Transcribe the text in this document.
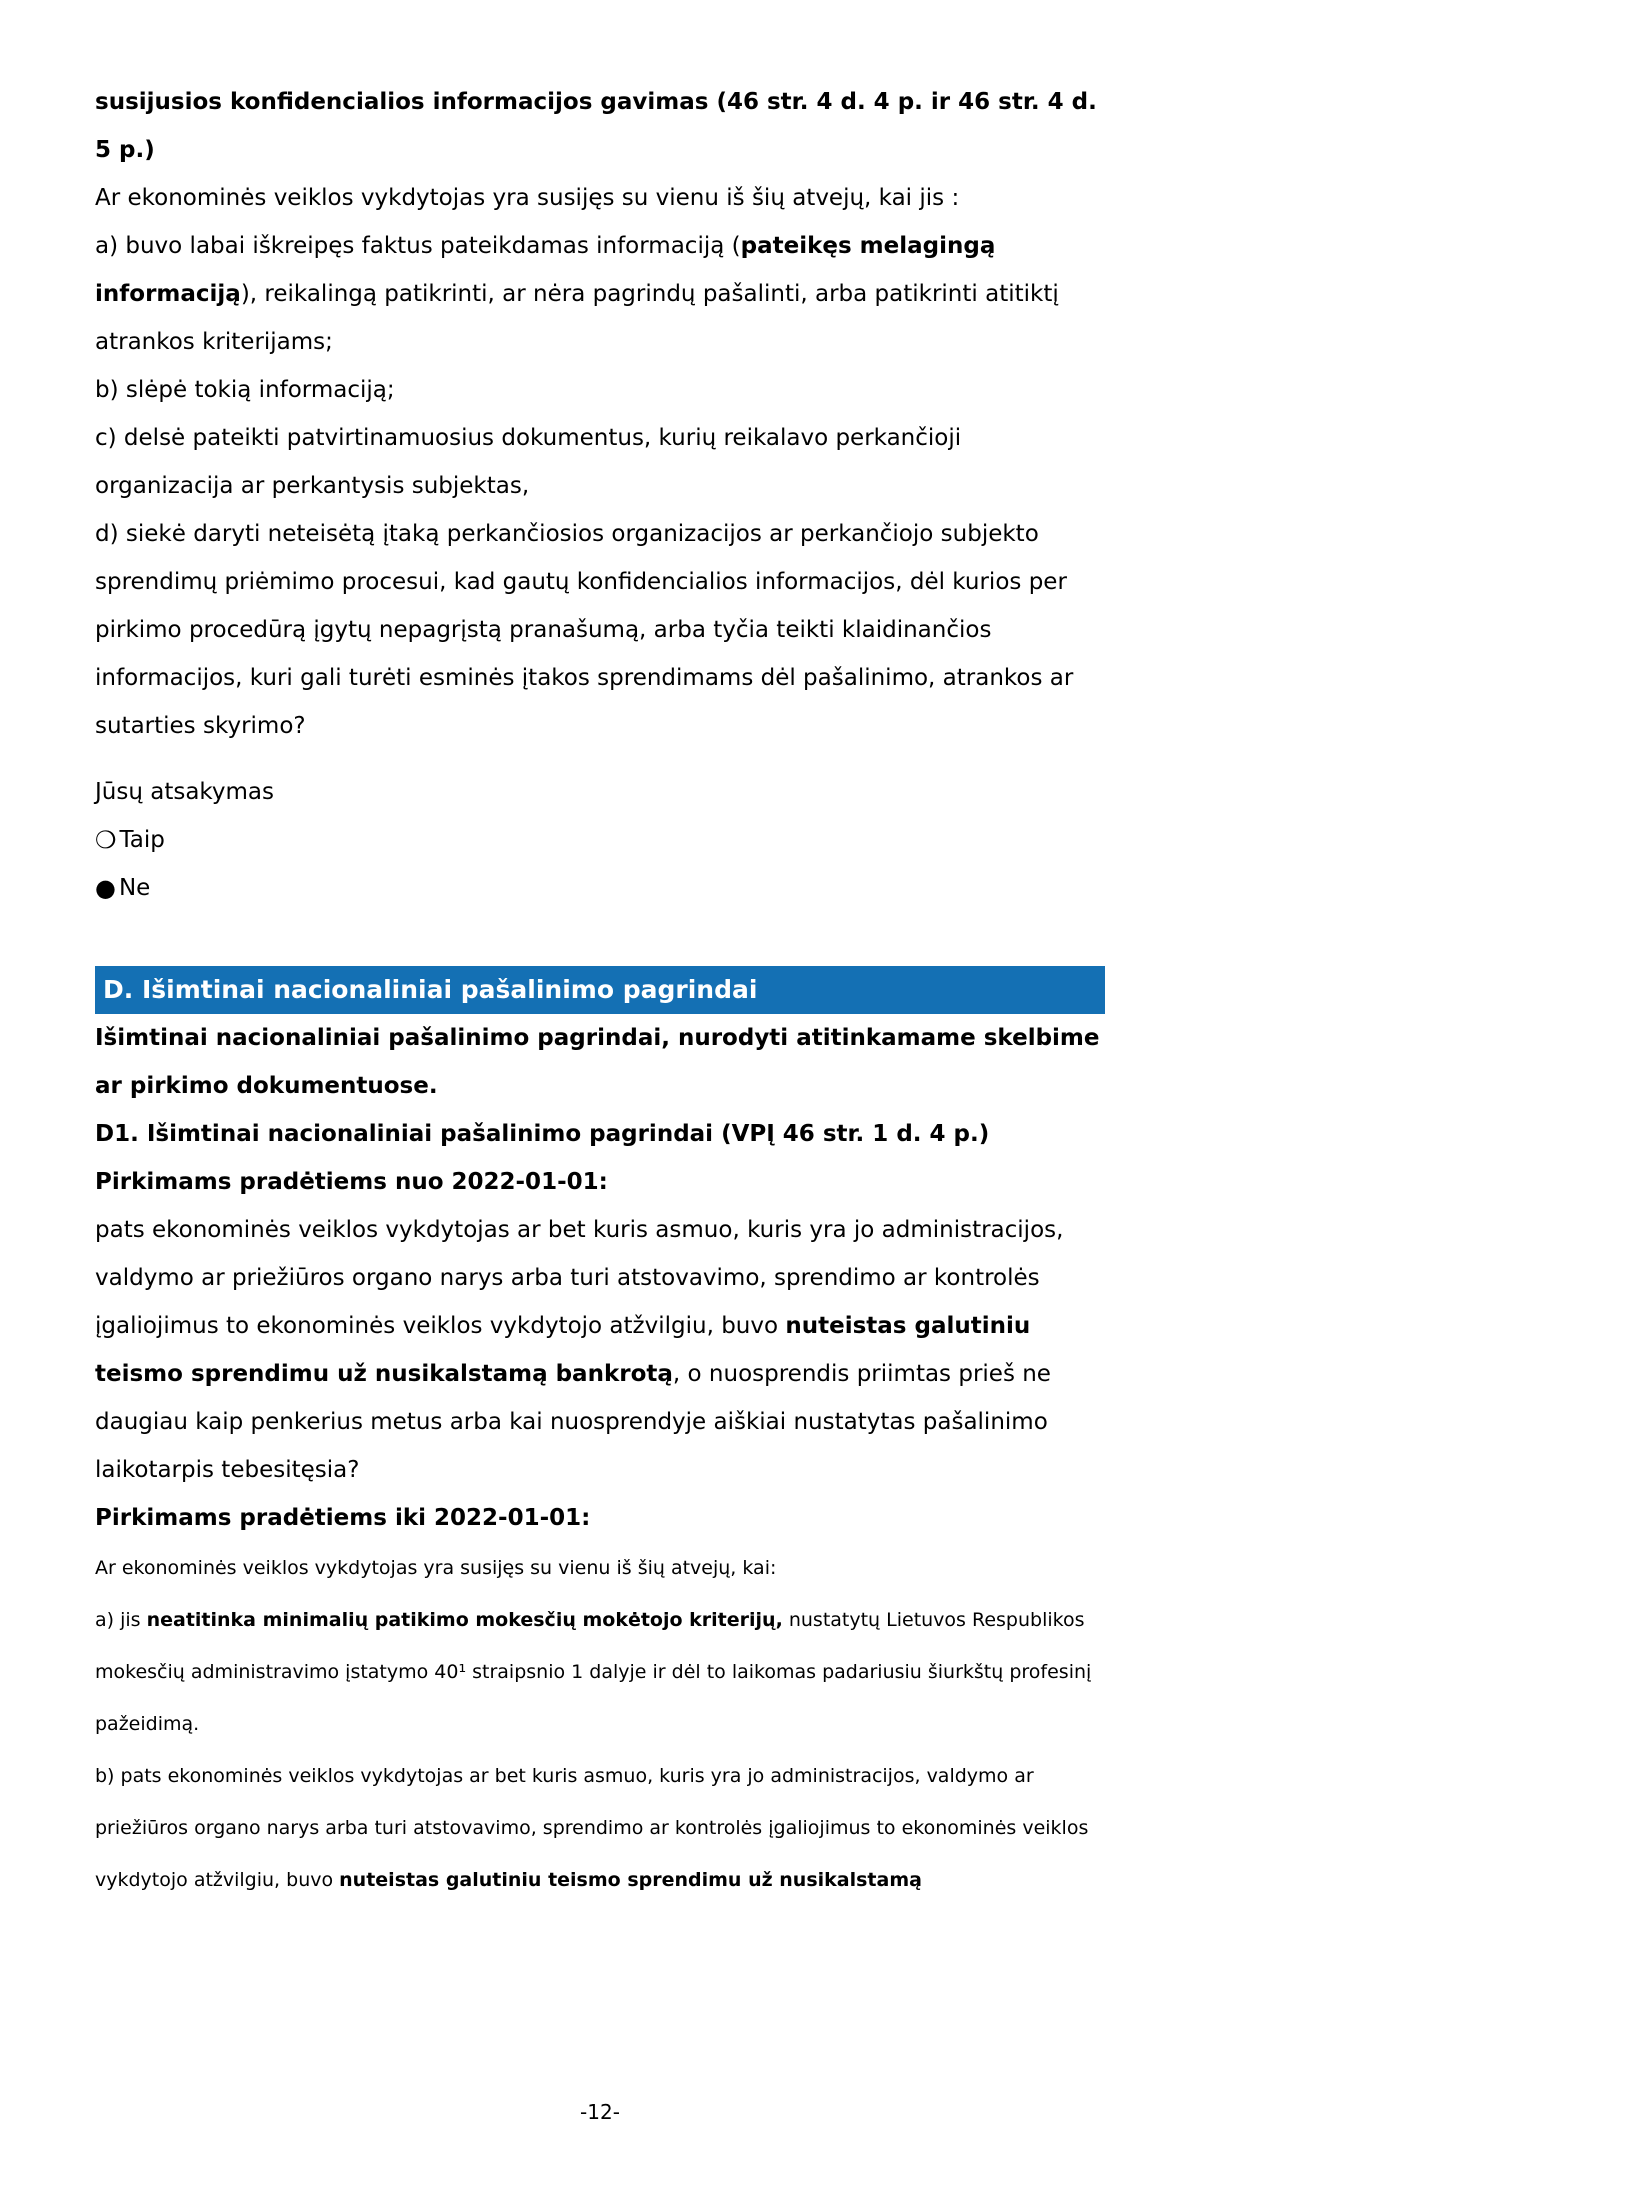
susijusios konfidencialios informacijos gavimas (46 str. 4 d. 4 p. ir 46 str. 4 d. 5 p.)

Ar ekonominės veiklos vykdytojas yra susijęs su vienu iš šių atvejų, kai jis :

a) buvo labai iškreipęs faktus pateikdamas informaciją (pateikęs melagingą informaciją), reikalingą patikrinti, ar nėra pagrindų pašalinti, arba patikrinti atitiktį atrankos kriterijams;

b) slėpė tokią informaciją;

c) delsė pateikti patvirtinamuosius dokumentus, kurių reikalavo perkančioji organizacija ar perkantysis subjektas,

d) siekė daryti neteisėtą įtaką perkančiosios organizacijos ar perkančiojo subjekto sprendimų priėmimo procesui, kad gautų konfidencialios informacijos, dėl kurios per pirkimo procedūrą įgytų nepagrįstą pranašumą, arba tyčia teikti klaidinančios informacijos, kuri gali turėti esminės įtakos sprendimams dėl pašalinimo, atrankos ar sutarties skyrimo?

Jūsų atsakymas

❍ Taip
● Ne
D. Išimtinai nacionaliniai pašalinimo pagrindai

Išimtinai nacionaliniai pašalinimo pagrindai, nurodyti atitinkamame skelbime ar pirkimo dokumentuose.

D1. Išimtinai nacionaliniai pašalinimo pagrindai (VPĮ 46 str. 1 d. 4 p.)

Pirkimams pradėtiems nuo 2022-01-01:

pats ekonominės veiklos vykdytojas ar bet kuris asmuo, kuris yra jo administracijos, valdymo ar priežiūros organo narys arba turi atstovavimo, sprendimo ar kontrolės įgaliojimus to ekonominės veiklos vykdytojo atžvilgiu, buvo nuteistas galutiniu teismo sprendimu už nusikalstamą bankrotą, o nuosprendis priimtas prieš ne daugiau kaip penkerius metus arba kai nuosprendyje aiškiai nustatytas pašalinimo laikotarpis tebesitęsia?

Pirkimams pradėtiems iki 2022-01-01:

Ar ekonominės veiklos vykdytojas yra susijęs su vienu iš šių atvejų, kai:

a) jis neatitinka minimalių patikimo mokesčių mokėtojo kriterijų, nustatytų Lietuvos Respublikos mokesčių administravimo įstatymo 40¹ straipsnio 1 dalyje ir dėl to laikomas padariusiu šiurkštų profesinį pažeidimą.

b) pats ekonominės veiklos vykdytojas ar bet kuris asmuo, kuris yra jo administracijos, valdymo ar priežiūros organo narys arba turi atstovavimo, sprendimo ar kontrolės įgaliojimus to ekonominės veiklos vykdytojo atžvilgiu, buvo nuteistas galutiniu teismo sprendimu už nusikalstamą

-12-
